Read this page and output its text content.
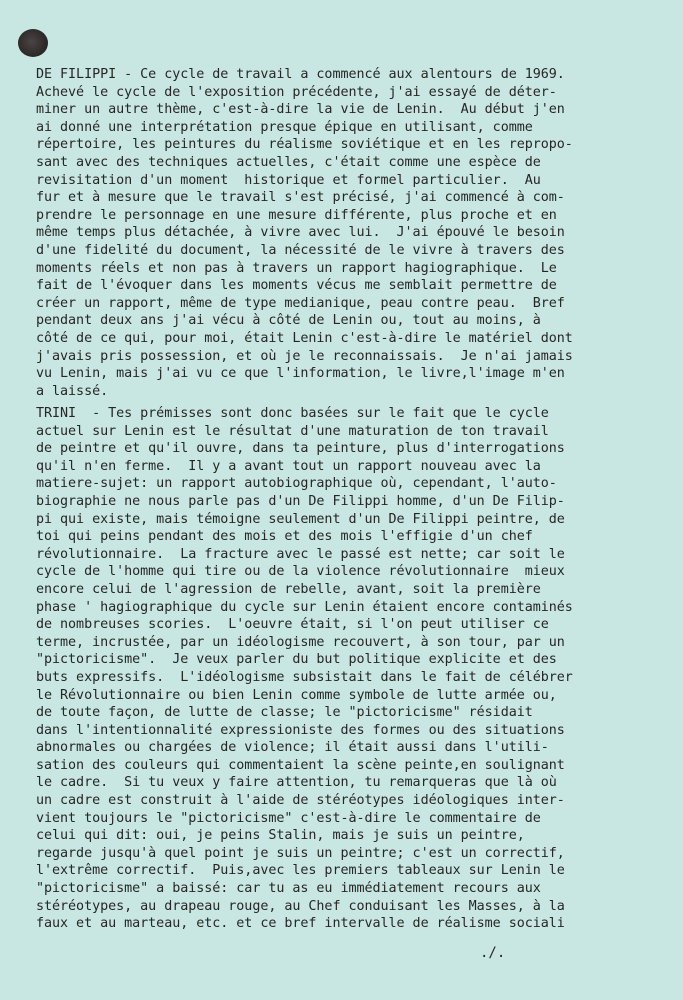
DE FILIPPI - Ce cycle de travail a commencé aux alentours de 1969.
Achevé le cycle de l'exposition précédente, j'ai essayé de déter-
miner un autre thème, c'est-à-dire la vie de Lenin.  Au début j'en
ai donné une interprétation presque épique en utilisant, comme
répertoire, les peintures du réalisme soviétique et en les repropo-
sant avec des techniques actuelles, c'était comme une espèce de
revisitation d'un moment  historique et formel particulier.  Au
fur et à mesure que le travail s'est précisé, j'ai commencé à com-
prendre le personnage en une mesure différente, plus proche et en
même temps plus détachée, à vivre avec lui.  J'ai épouvé le besoin
d'une fidelité du document, la nécessité de le vivre à travers des
moments réels et non pas à travers un rapport hagiographique.  Le
fait de l'évoquer dans les moments vécus me semblait permettre de
créer un rapport, même de type medianique, peau contre peau.  Bref
pendant deux ans j'ai vécu à côté de Lenin ou, tout au moins, à
côté de ce qui, pour moi, était Lenin c'est-à-dire le matériel dont
j'avais pris possession, et où je le reconnaissais.  Je n'ai jamais
vu Lenin, mais j'ai vu ce que l'information, le livre,l'image m'en
a laissé.
TRINI  - Tes prémisses sont donc basées sur le fait que le cycle
actuel sur Lenin est le résultat d'une maturation de ton travail
de peintre et qu'il ouvre, dans ta peinture, plus d'interrogations
qu'il n'en ferme.  Il y a avant tout un rapport nouveau avec la
matiere-sujet: un rapport autobiographique où, cependant, l'auto-
biographie ne nous parle pas d'un De Filippi homme, d'un De Filip-
pi qui existe, mais témoigne seulement d'un De Filippi peintre, de
toi qui peins pendant des mois et des mois l'effigie d'un chef
révolutionnaire.  La fracture avec le passé est nette; car soit le
cycle de l'homme qui tire ou de la violence révolutionnaire  mieux
encore celui de l'agression de rebelle, avant, soit la première
phase ' hagiographique du cycle sur Lenin étaient encore contaminés
de nombreuses scories.  L'oeuvre était, si l'on peut utiliser ce
terme, incrustée, par un idéologisme recouvert, à son tour, par un
"pictoricisme".  Je veux parler du but politique explicite et des
buts expressifs.  L'idéologisme subsistait dans le fait de célébrer
le Révolutionnaire ou bien Lenin comme symbole de lutte armée ou,
de toute façon, de lutte de classe; le "pictoricisme" résidait
dans l'intentionnalité expressioniste des formes ou des situations
abnormales ou chargées de violence; il était aussi dans l'utili-
sation des couleurs qui commentaient la scène peinte,en soulignant
le cadre.  Si tu veux y faire attention, tu remarqueras que là où
un cadre est construit à l'aide de stéréotypes idéologiques inter-
vient toujours le "pictoricisme" c'est-à-dire le commentaire de
celui qui dit: oui, je peins Stalin, mais je suis un peintre,
regarde jusqu'à quel point je suis un peintre; c'est un correctif,
l'extrême correctif.  Puis,avec les premiers tableaux sur Lenin le
"pictoricisme" a baissé: car tu as eu immédiatement recours aux
stéréotypes, au drapeau rouge, au Chef conduisant les Masses, à la
faux et au marteau, etc. et ce bref intervalle de réalisme sociali
./.
